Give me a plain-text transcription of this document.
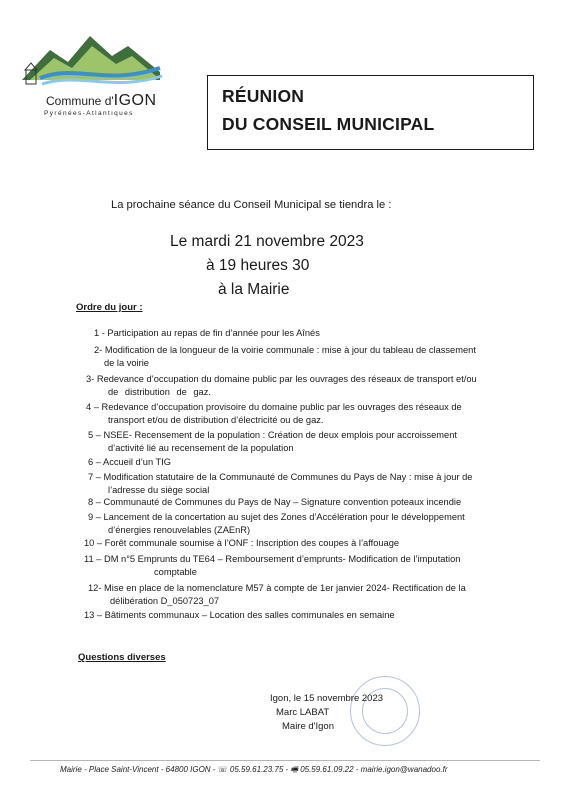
Commune d'IGON
Pyrénées-Atlantiques
RÉUNION
DU CONSEIL MUNICIPAL
La prochaine séance du Conseil Municipal se tiendra le :
Le mardi 21 novembre 2023
à 19 heures 30
à la Mairie
Ordre du jour :
1 - Participation au repas de fin d’année pour les Aînés
2- Modification de la longueur de la voirie communale : mise à jour du tableau de classement
de la voirie
3- Redevance d’occupation du domaine public par les ouvrages des réseaux de transport et/ou
de distribution de gaz.
4 – Redevance d’occupation provisoire du domaine public par les ouvrages des réseaux de
transport et/ou de distribution d’électricité ou de gaz.
5 – NSEE- Recensement de la population : Création de deux emplois pour accroissement
d’activité lié au recensement de la population
6 – Accueil d’un TIG
7 – Modification statutaire de la Communauté de Communes du Pays de Nay : mise à jour de
l’adresse du siège social
8 – Communauté de Communes du Pays de Nay – Signature convention poteaux incendie
9 – Lancement de la concertation au sujet des Zones d’Accélération pour le développement
d’énergies renouvelables (ZAEnR)
10 – Forêt communale soumise à l’ONF : Inscription des coupes à l’affouage
11 – DM n°5 Emprunts du TE64 – Remboursement d’emprunts- Modification de l’imputation
comptable
12- Mise en place de la nomenclature M57 à compte de 1er janvier 2024- Rectification de la
délibération D_050723_07
13 – Bâtiments communaux – Location des salles communales en semaine
Questions diverses
Igon, le 15 novembre 2023
Marc LABAT
Maire d'Igon
Mairie - Place Saint-Vincent - 64800 IGON - ☏ 05.59.61.23.75 - 🖷 05.59.61.09.22 - mairie.igon@wanadoo.fr
